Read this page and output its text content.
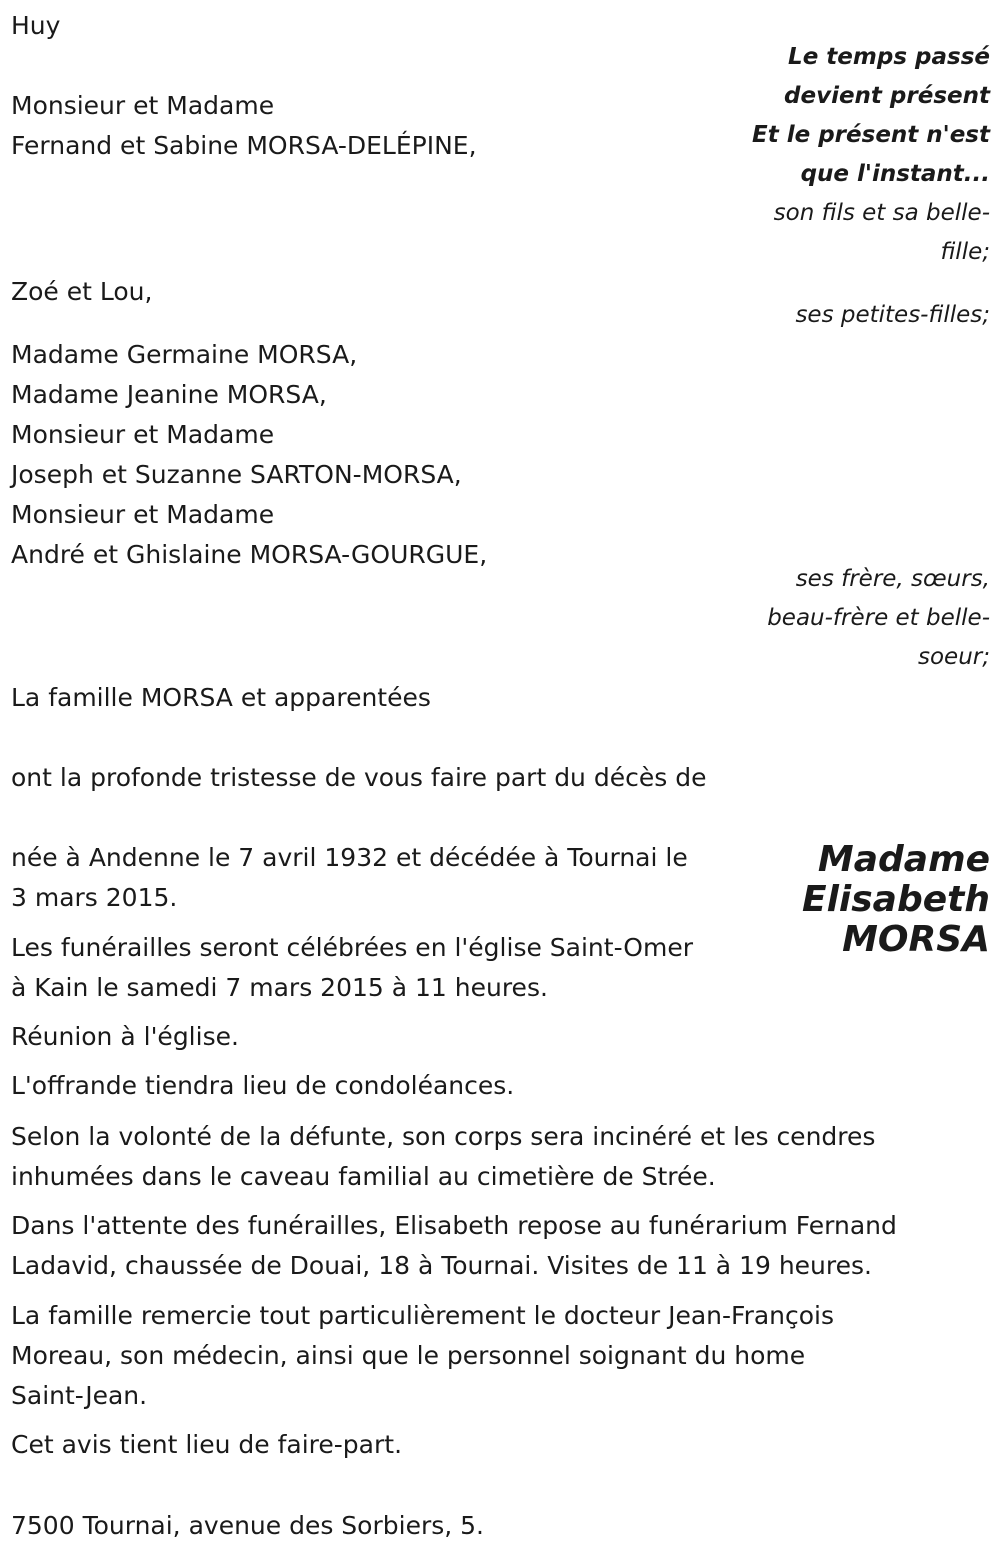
Huy
Le temps passé
devient présent
Et le présent n'est
que l'instant...
Monsieur et Madame
Fernand et Sabine MORSA-DELÉPINE,
son fils et sa belle-
fille;
Zoé et Lou,
ses petites-filles;
Madame Germaine MORSA,
Madame Jeanine MORSA,
Monsieur et Madame
Joseph et Suzanne SARTON-MORSA,
Monsieur et Madame
André et Ghislaine MORSA-GOURGUE,
ses frère, sœurs,
beau-frère et belle-
soeur;
La famille MORSA et apparentées
ont la profonde tristesse de vous faire part du décès de
Madame
Elisabeth
MORSA
née à Andenne le 7 avril 1932 et décédée à Tournai le
3 mars 2015.
Les funérailles seront célébrées en l'église Saint-Omer
à Kain le samedi 7 mars 2015 à 11 heures.
Réunion à l'église.
L'offrande tiendra lieu de condoléances.
Selon la volonté de la défunte, son corps sera incinéré et les cendres
inhumées dans le caveau familial au cimetière de Strée.
Dans l'attente des funérailles, Elisabeth repose au funérarium Fernand
Ladavid, chaussée de Douai, 18 à Tournai. Visites de 11 à 19 heures.
La famille remercie tout particulièrement le docteur Jean-François
Moreau, son médecin, ainsi que le personnel soignant du home
Saint-Jean.
Cet avis tient lieu de faire-part.
7500 Tournai, avenue des Sorbiers, 5.
